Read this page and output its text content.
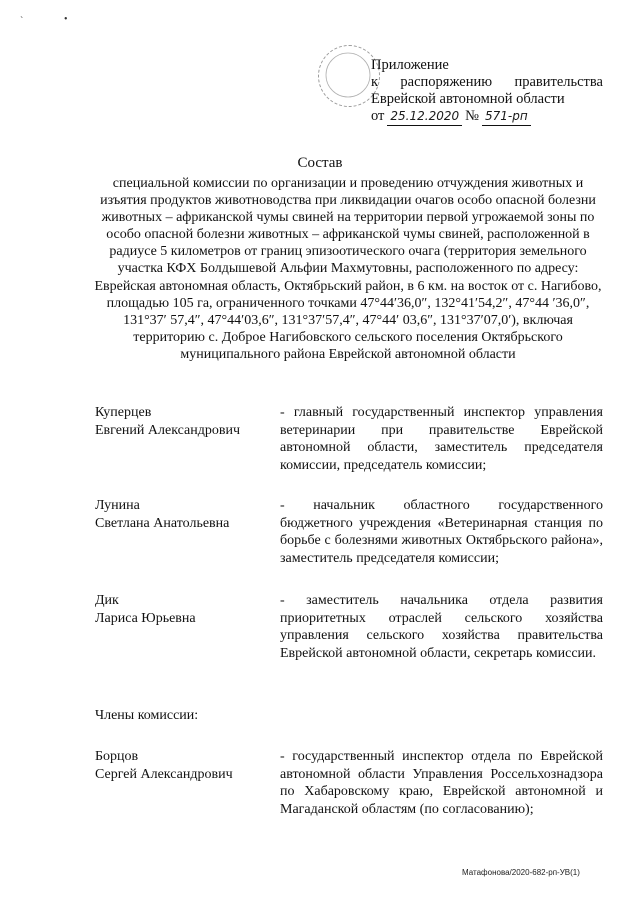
`	•
Приложение
к распоряжению правительства
Еврейской автономной области
от 25.12.2020 № 571-рп
Состав
специальной комиссии по организации и проведению отчуждения животных и изъятия продуктов животноводства при ликвидации очагов особо опасной болезни животных – африканской чумы свиней на территории первой угрожаемой зоны по особо опасной болезни животных – африканской чумы свиней, расположенной в радиусе 5 километров от границ эпизоотического очага (территория земельного участка КФХ Болдышевой Альфии Махмутовны, расположенного по адресу: Еврейская автономная область, Октябрьский район, в 6 км. на восток от с. Нагибово, площадью 105 га, ограниченного точками 47°44′36,0″, 132°41′54,2″, 47°44 ′36,0″, 131°37′ 57,4″, 47°44′03,6″, 131°37′57,4″, 47°44′ 03,6″, 131°37′07,0′), включая территорию с. Доброе Нагибовского сельского поселения Октябрьского муниципального района Еврейской автономной области
Куперцев
Евгений Александрович
- главный государственный инспектор управления ветеринарии при правительстве Еврейской автономной области, заместитель председателя комиссии, председатель комиссии;
Лунина
Светлана Анатольевна
- начальник областного государственного бюджетного учреждения «Ветеринарная станция по борьбе с болезнями животных Октябрьского района», заместитель председателя комиссии;
Дик
Лариса Юрьевна
- заместитель начальника отдела развития приоритетных отраслей сельского хозяйства управления сельского хозяйства правительства Еврейской автономной области, секретарь комиссии.
Члены комиссии:
Борцов
Сергей Александрович
- государственный инспектор отдела по Еврейской автономной области Управления Россельхознадзора по Хабаровскому краю, Еврейской автономной и Магаданской областям (по согласованию);
Матафонова/2020-682-рп-УВ(1)
